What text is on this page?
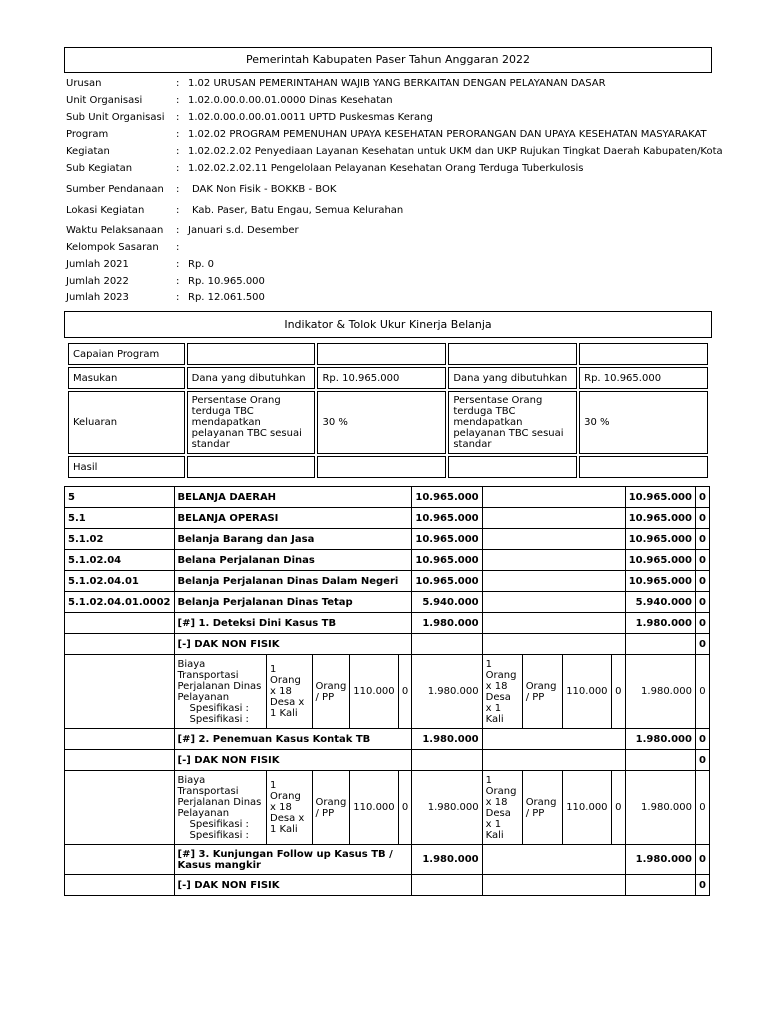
Pemerintah Kabupaten Paser Tahun Anggaran 2022
Urusan	: 1.02 URUSAN PEMERINTAHAN WAJIB YANG BERKAITAN DENGAN PELAYANAN DASAR
Unit Organisasi	: 1.02.0.00.0.00.01.0000 Dinas Kesehatan
Sub Unit Organisasi : 1.02.0.00.0.00.01.0011 UPTD Puskesmas Kerang
Program	: 1.02.02 PROGRAM PEMENUHAN UPAYA KESEHATAN PERORANGAN DAN UPAYA KESEHATAN MASYARAKAT
Kegiatan	: 1.02.02.2.02 Penyediaan Layanan Kesehatan untuk UKM dan UKP Rujukan Tingkat Daerah Kabupaten/Kota
Sub Kegiatan	: 1.02.02.2.02.11 Pengelolaan Pelayanan Kesehatan Orang Terduga Tuberkulosis
Sumber Pendanaan : DAK Non Fisik - BOKKB - BOK
Lokasi Kegiatan	: Kab. Paser, Batu Engau, Semua Kelurahan
Waktu Pelaksanaan : Januari s.d. Desember
Kelompok Sasaran :
Jumlah 2021	: Rp. 0
Jumlah 2022	: Rp. 10.965.000
Jumlah 2023	: Rp. 12.061.500
Indikator & Tolok Ukur Kinerja Belanja
Capaian Program				
Masukan	Dana yang dibutuhkan	Rp. 10.965.000	Dana yang dibutuhkan	Rp. 10.965.000
Keluaran	Persentase Orang terduga TBC mendapatkan pelayanan TBC sesuai standar	30 %	Persentase Orang terduga TBC mendapatkan pelayanan TBC sesuai standar	30 %
Hasil				
5	BELANJA DAERAH					10.965.000					10.965.000	0
5.1	BELANJA OPERASI					10.965.000					10.965.000	0
5.1.02	Belanja Barang dan Jasa					10.965.000					10.965.000	0
5.1.02.04	Belana Perjalanan Dinas					10.965.000					10.965.000	0
5.1.02.04.01	Belanja Perjalanan Dinas Dalam Negeri					10.965.000					10.965.000	0
5.1.02.04.01.0002	Belanja Perjalanan Dinas Tetap					5.940.000					5.940.000	0
	[#] 1. Deteksi Dini Kasus TB					1.980.000					1.980.000	0
	[-] DAK NON FISIK											0

	Biaya Transportasi
Perjalanan Dinas
Pelayanan
Spesifikasi :
Spesifikasi :	1 Orang x 18 Desa x 1 Kali	Orang / PP	110.000	0	1.980.000	1 Orang x 18 Desa x 1 Kali	Orang / PP	110.000	0	1.980.000	0
	[#] 2. Penemuan Kasus Kontak TB					1.980.000					1.980.000	0
	[-] DAK NON FISIK											0

	Biaya Transportasi
Perjalanan Dinas
Pelayanan
Spesifikasi :
Spesifikasi :	1 Orang x 18 Desa x 1 Kali	Orang / PP	110.000	0	1.980.000	1 Orang x 18 Desa x 1 Kali	Orang / PP	110.000	0	1.980.000	0
	[#] 3. Kunjungan Follow up Kasus TB / Kasus mangkir					1.980.000					1.980.000	0
	[-] DAK NON FISIK											0
